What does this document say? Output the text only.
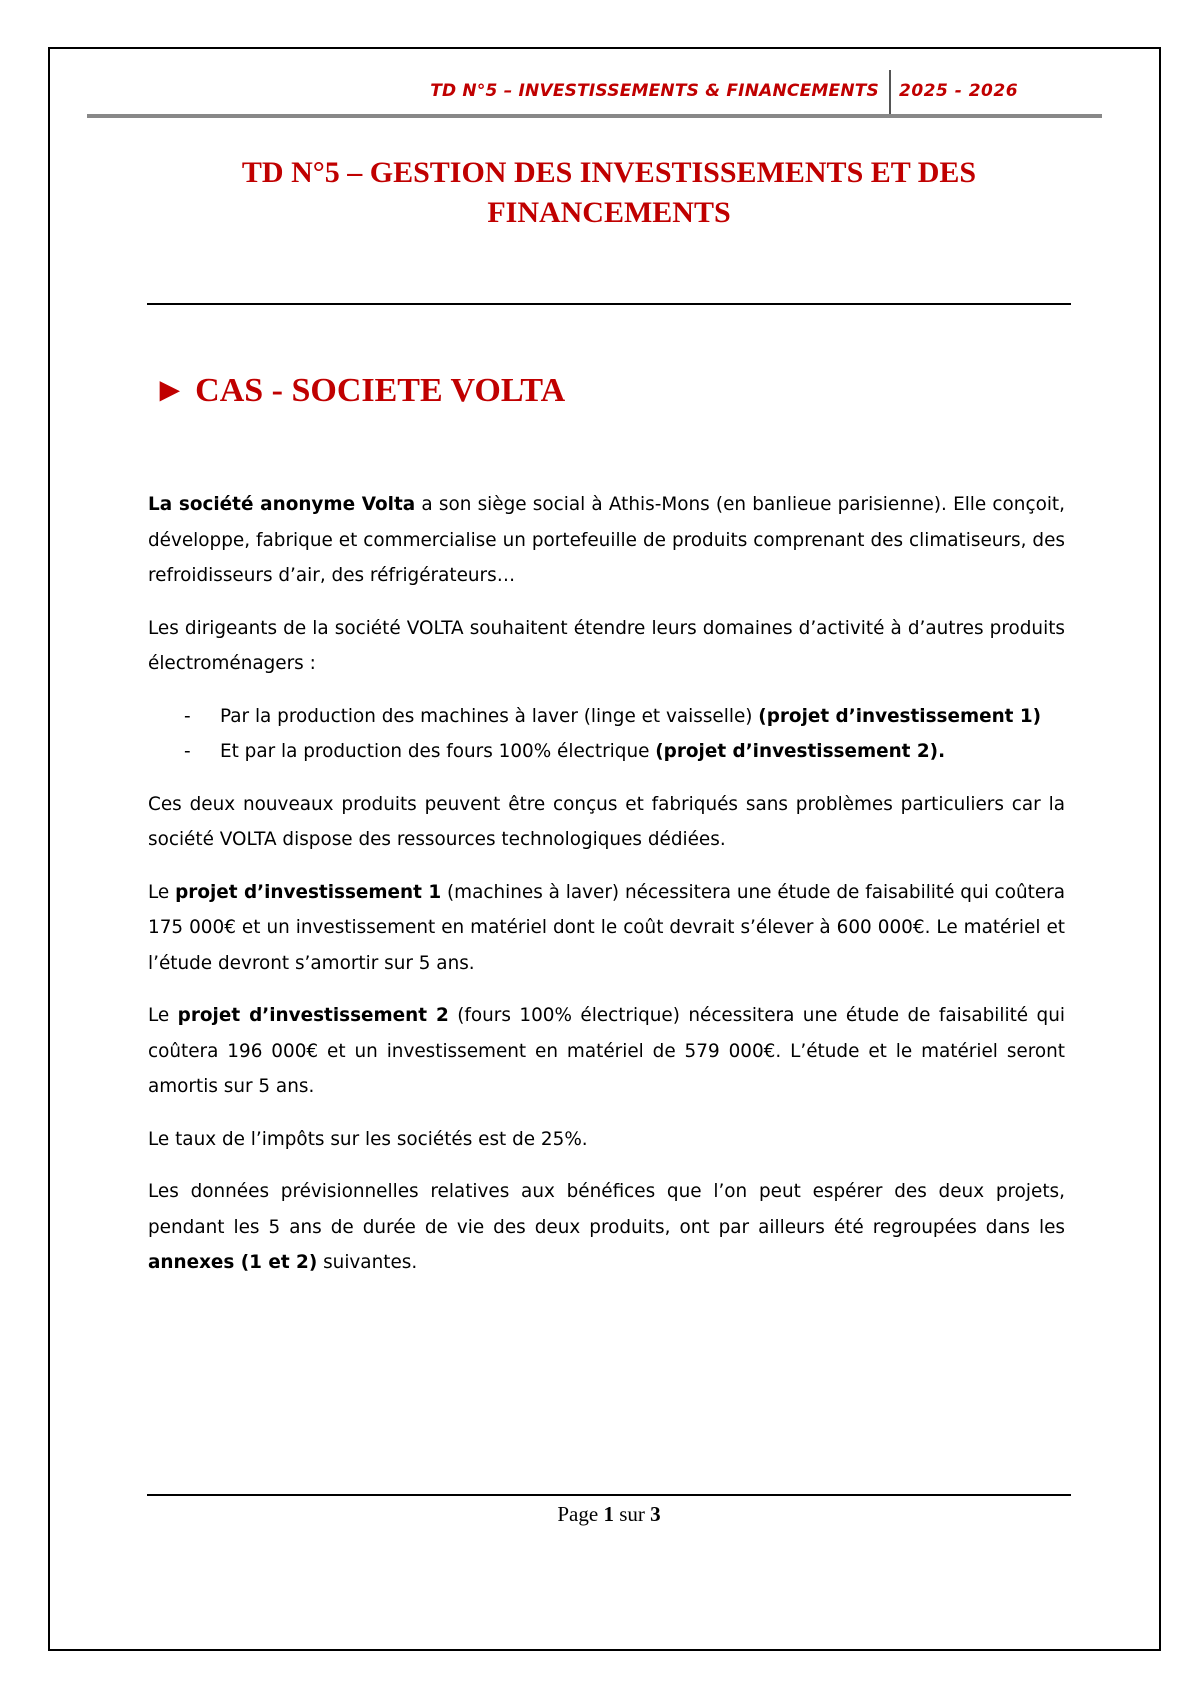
TD N°5 – INVESTISSEMENTS & FINANCEMENTS 2025 - 2026
TD N°5 – GESTION DES INVESTISSEMENTS ET DES
FINANCEMENTS
► CAS - SOCIETE VOLTA

La société anonyme Volta a son siège social à Athis-Mons (en banlieue parisienne). Elle conçoit, développe, fabrique et commercialise un portefeuille de produits comprenant des climatiseurs, des refroidisseurs d’air, des réfrigérateurs…

Les dirigeants de la société VOLTA souhaitent étendre leurs domaines d’activité à d’autres produits électroménagers :

- Par la production des machines à laver (linge et vaisselle) (projet d’investissement 1)
- Et par la production des fours 100% électrique (projet d’investissement 2).

Ces deux nouveaux produits peuvent être conçus et fabriqués sans problèmes particuliers car la société VOLTA dispose des ressources technologiques dédiées.

Le projet d’investissement 1 (machines à laver) nécessitera une étude de faisabilité qui coûtera 175 000€ et un investissement en matériel dont le coût devrait s’élever à 600 000€. Le matériel et l’étude devront s’amortir sur 5 ans.

Le projet d’investissement 2 (fours 100% électrique) nécessitera une étude de faisabilité qui coûtera 196 000€ et un investissement en matériel de 579 000€. L’étude et le matériel seront amortis sur 5 ans.

Le taux de l’impôts sur les sociétés est de 25%.

Les données prévisionnelles relatives aux bénéfices que l’on peut espérer des deux projets, pendant les 5 ans de durée de vie des deux produits, ont par ailleurs été regroupées dans les annexes (1 et 2) suivantes.

Page 1 sur 3
